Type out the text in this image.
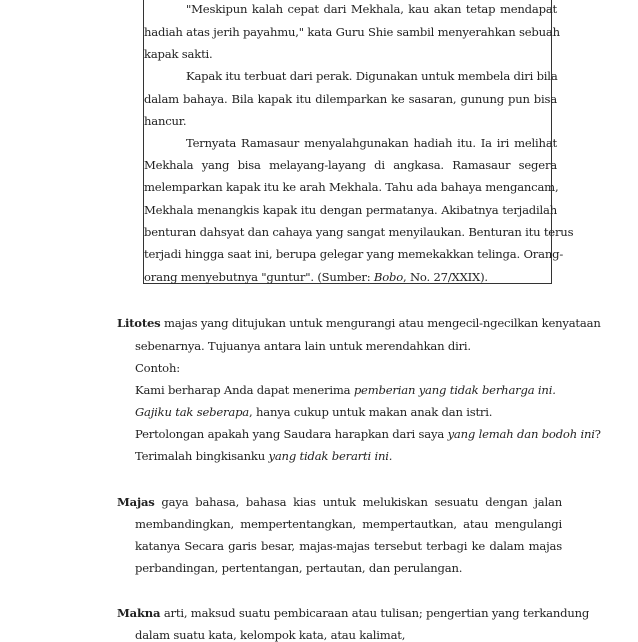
"Meskipun kalah cepat dari Mekhala, kau akan tetap mendapat
hadiah atas jerih payahmu," kata Guru Shie sambil menyerahkan sebuah
kapak sakti.
Kapak itu terbuat dari perak. Digunakan untuk membela diri bila
dalam bahaya. Bila kapak itu dilemparkan ke sasaran, gunung pun bisa
hancur.
Ternyata Ramasaur menyalahgunakan hadiah itu. Ia iri melihat
Mekhala yang bisa melayang-layang di angkasa. Ramasaur segera
melemparkan kapak itu ke arah Mekhala. Tahu ada bahaya mengancam,
Mekhala menangkis kapak itu dengan permatanya. Akibatnya terjadilah
benturan dahsyat dan cahaya yang sangat menyilaukan. Benturan itu terus
terjadi hingga saat ini, berupa gelegar yang memekakkan telinga. Orang-
orang menyebutnya "guntur". (Sumber: Bobo, No. 27/XXIX).
Litotes majas yang ditujukan untuk mengurangi atau mengecil-ngecilkan kenyataan
sebenarnya. Tujuanya antara lain untuk merendahkan diri.
Contoh:
Kami berharap Anda dapat menerima pemberian yang tidak berharga ini.
Gajiku tak seberapa, hanya cukup untuk makan anak dan istri.
Pertolongan apakah yang Saudara harapkan dari saya yang lemah dan bodoh ini?
Terimalah bingkisanku yang tidak berarti ini.
Majas gaya bahasa, bahasa kias untuk melukiskan sesuatu dengan jalan
membandingkan, mempertentangkan, mempertautkan, atau mengulangi
katanya Secara garis besar, majas-majas tersebut terbagi ke dalam majas
perbandingan, pertentangan, pertautan, dan perulangan.
Makna arti, maksud suatu pembicaraan atau tulisan; pengertian yang terkandung
dalam suatu kata, kelompok kata, atau kalimat,
